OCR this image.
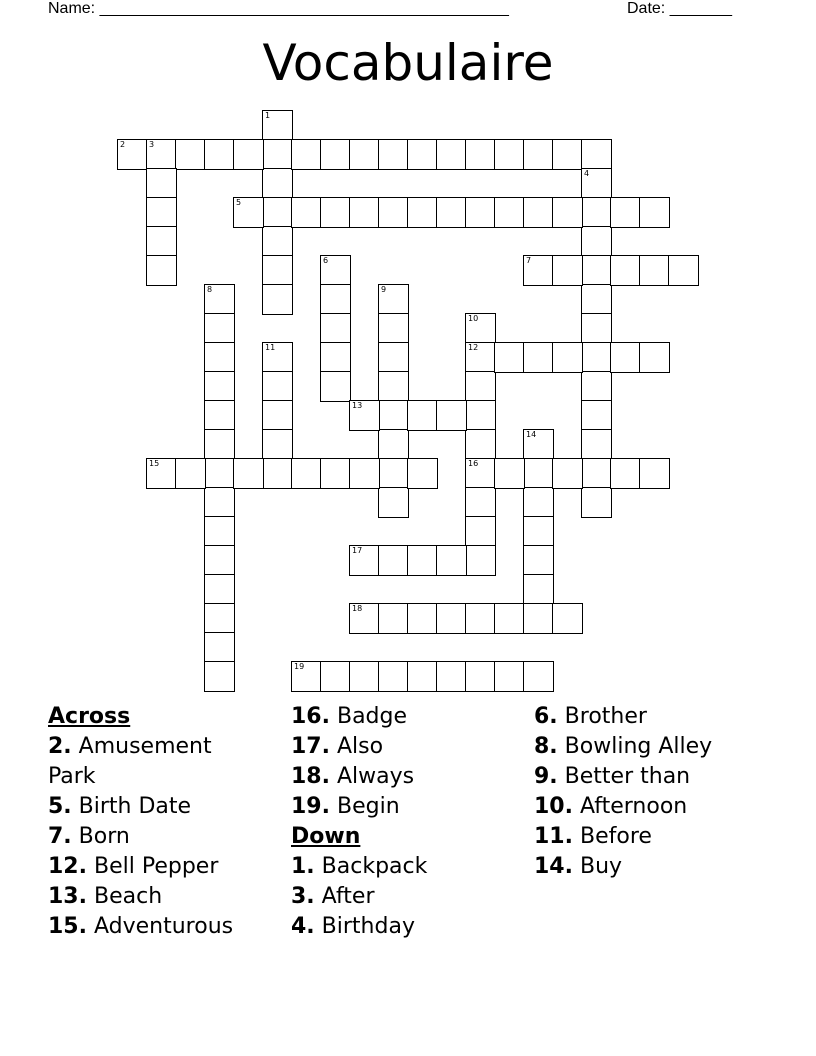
Name: ______________________________________________	Date: _______
Vocabulaire
1
2	3
4
5
6	7
8	9
10
12
16
11
13
14
15
17
18
19
Across
2. Amusement Park
5. Birth Date
7. Born
12. Bell Pepper
13. Beach
15. Adventurous
16. Badge
17. Also
18. Always
19. Begin
Down
1. Backpack
3. After
4. Birthday
6. Brother
8. Bowling Alley
9. Better than
10. Afternoon
11. Before
14. Buy
